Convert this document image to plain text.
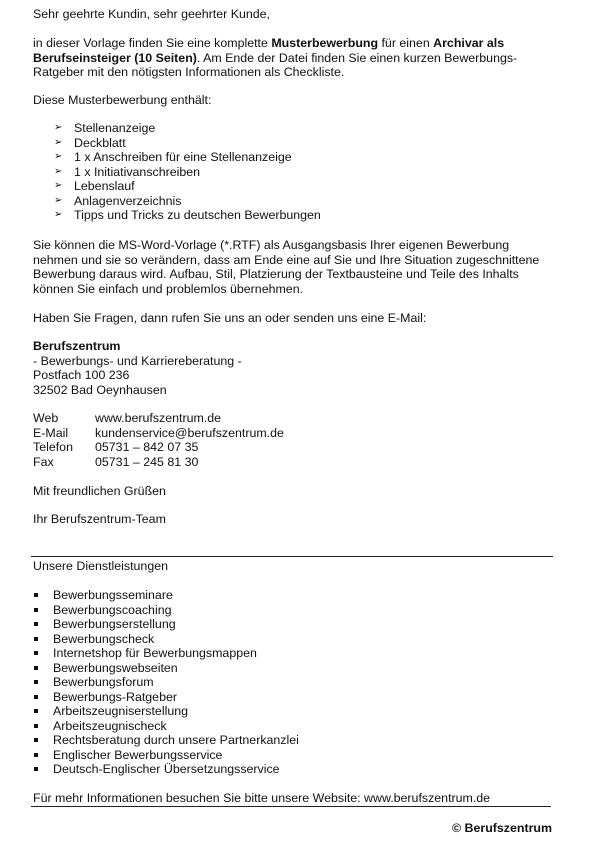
Sehr geehrte Kundin, sehr geehrter Kunde,
in dieser Vorlage finden Sie eine komplette Musterbewerbung für einen Archivar als
Berufseinsteiger (10 Seiten). Am Ende der Datei finden Sie einen kurzen Bewerbungs-
Ratgeber mit den nötigsten Informationen als Checkliste.
Diese Musterbewerbung enthält:
➢ Stellenanzeige
➢ Deckblatt
➢ 1 x Anschreiben für eine Stellenanzeige
➢ 1 x Initiativanschreiben
➢ Lebenslauf
➢ Anlagenverzeichnis
➢ Tipps und Tricks zu deutschen Bewerbungen
Sie können die MS-Word-Vorlage (*.RTF) als Ausgangsbasis Ihrer eigenen Bewerbung
nehmen und sie so verändern, dass am Ende eine auf Sie und Ihre Situation zugeschnittene
Bewerbung daraus wird. Aufbau, Stil, Platzierung der Textbausteine und Teile des Inhalts
können Sie einfach und problemlos übernehmen.
Haben Sie Fragen, dann rufen Sie uns an oder senden uns eine E-Mail:
Berufszentrum
- Bewerbungs- und Karriereberatung -
Postfach 100 236
32502 Bad Oeynhausen
Web	www.berufszentrum.de
E-Mail kundenservice@berufszentrum.de
Telefon 05731 – 842 07 35
Fax	05731 – 245 81 30
Mit freundlichen Grüßen
Ihr Berufszentrum-Team
Unsere Dienstleistungen
Bewerbungsseminare
Bewerbungscoaching
Bewerbungserstellung
Bewerbungscheck
Internetshop für Bewerbungsmappen
Bewerbungswebseiten
Bewerbungsforum
Bewerbungs-Ratgeber
Arbeitszeugniserstellung
Arbeitszeugnischeck
Rechtsberatung durch unsere Partnerkanzlei
Englischer Bewerbungsservice
Deutsch-Englischer Übersetzungsservice
Für mehr Informationen besuchen Sie bitte unsere Website: www.berufszentrum.de
© Berufszentrum
